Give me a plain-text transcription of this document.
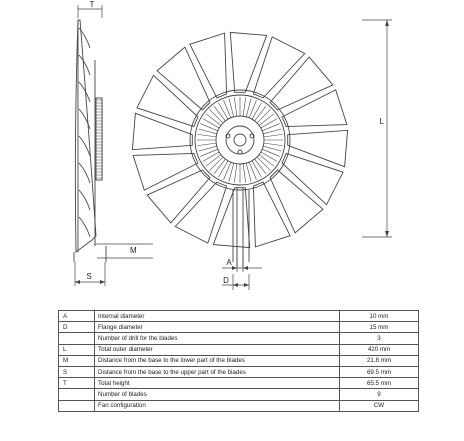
T
L
M
S
A
D
A	Internal diameter	10 mm
D	Flange diameter	15 mm
	Number of drill for the blades	3
L	Total outer diameter	420 mm
M	Distance from the base to the lower part of the blades	21.8 mm
S	Distance from the base to the upper part of the blades	69.5 mm
T	Total height	65.5 mm
	Number of blades	9
	Fan configuration	CW
